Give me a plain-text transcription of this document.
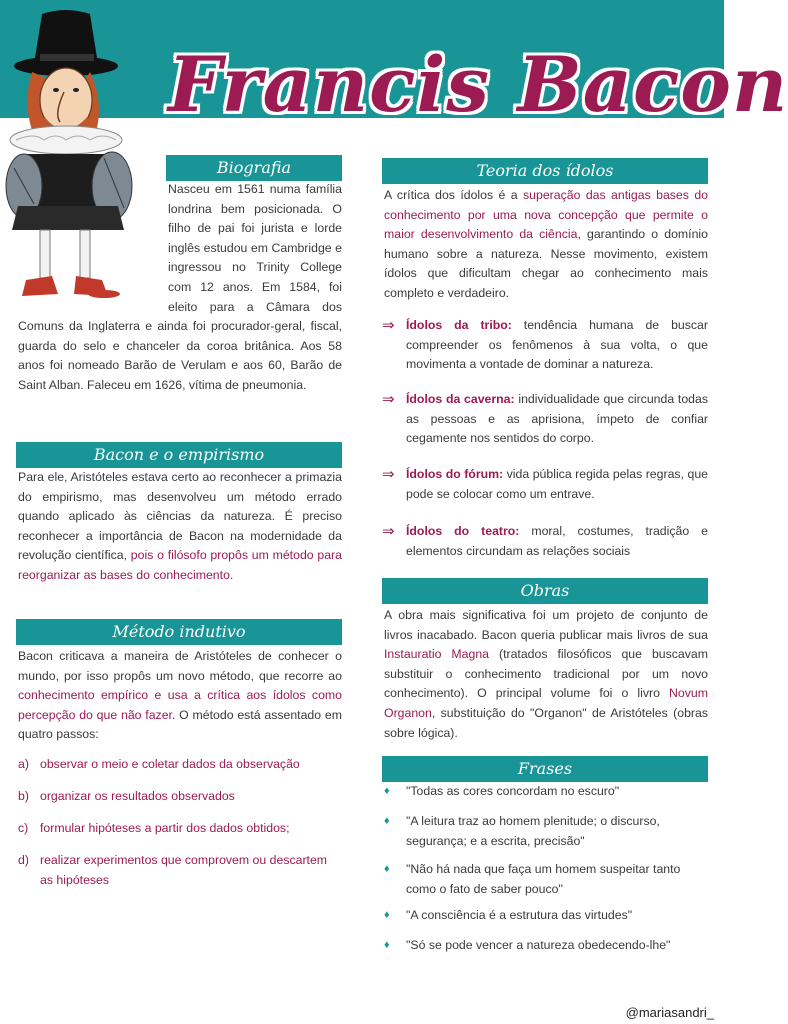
Francis Bacon
Biografia
Nasceu em 1561 numa família londrina bem posicionada. O filho de pai foi jurista e lorde inglês estudou em Cambridge e ingressou no Trinity College com 12 anos. Em 1584, foi eleito para a Câmara dos Comuns da Inglaterra e ainda foi procurador-geral, fiscal, guarda do selo e chanceler da coroa britânica. Aos 58 anos foi nomeado Barão de Verulam e aos 60, Barão de Saint Alban. Faleceu em 1626, vítima de pneumonia.
Bacon e o empirismo
Para ele, Aristóteles estava certo ao reconhecer a primazia do empirismo, mas desenvolveu um método errado quando aplicado às ciências da natureza. É preciso reconhecer a importância de Bacon na modernidade da revolução científica, pois o filósofo propôs um método para reorganizar as bases do conhecimento.
Método indutivo
Bacon criticava a maneira de Aristóteles de conhecer o mundo, por isso propôs um novo método, que recorre ao conhecimento empírico e usa a crítica aos ídolos como percepção do que não fazer. O método está assentado em quatro passos:
a) observar o meio e coletar dados da observação
b) organizar os resultados observados
c) formular hipóteses a partir dos dados obtidos;
d) realizar experimentos que comprovem ou descartem as hipóteses
Teoria dos ídolos
A crítica dos ídolos é a superação das antigas bases do conhecimento por uma nova concepção que permite o maior desenvolvimento da ciência, garantindo o domínio humano sobre a natureza. Nesse movimento, existem ídolos que dificultam chegar ao conhecimento mais completo e verdadeiro.
⇒ Ídolos da tribo: tendência humana de buscar compreender os fenômenos à sua volta, o que movimenta a vontade de dominar a natureza.
⇒ Ídolos da caverna: individualidade que circunda todas as pessoas e as aprisiona, ímpeto de confiar cegamente nos sentidos do corpo.
⇒ Ídolos do fórum: vida pública regida pelas regras, que pode se colocar como um entrave.
⇒ Ídolos do teatro: moral, costumes, tradição e elementos circundam as relações sociais
Obras
A obra mais significativa foi um projeto de conjunto de livros inacabado. Bacon queria publicar mais livros de sua Instauratio Magna (tratados filosóficos que buscavam substituir o conhecimento tradicional por um novo conhecimento). O principal volume foi o livro Novum Organon, substituição do "Organon" de Aristóteles (obras sobre lógica).
Frases
♦ "Todas as cores concordam no escuro"
♦ "A leitura traz ao homem plenitude; o discurso, segurança; e a escrita, precisão"
♦ "Não há nada que faça um homem suspeitar tanto como o fato de saber pouco"
♦ "A consciência é a estrutura das virtudes"
♦ "Só se pode vencer a natureza obedecendo-lhe"
@mariasandri_
